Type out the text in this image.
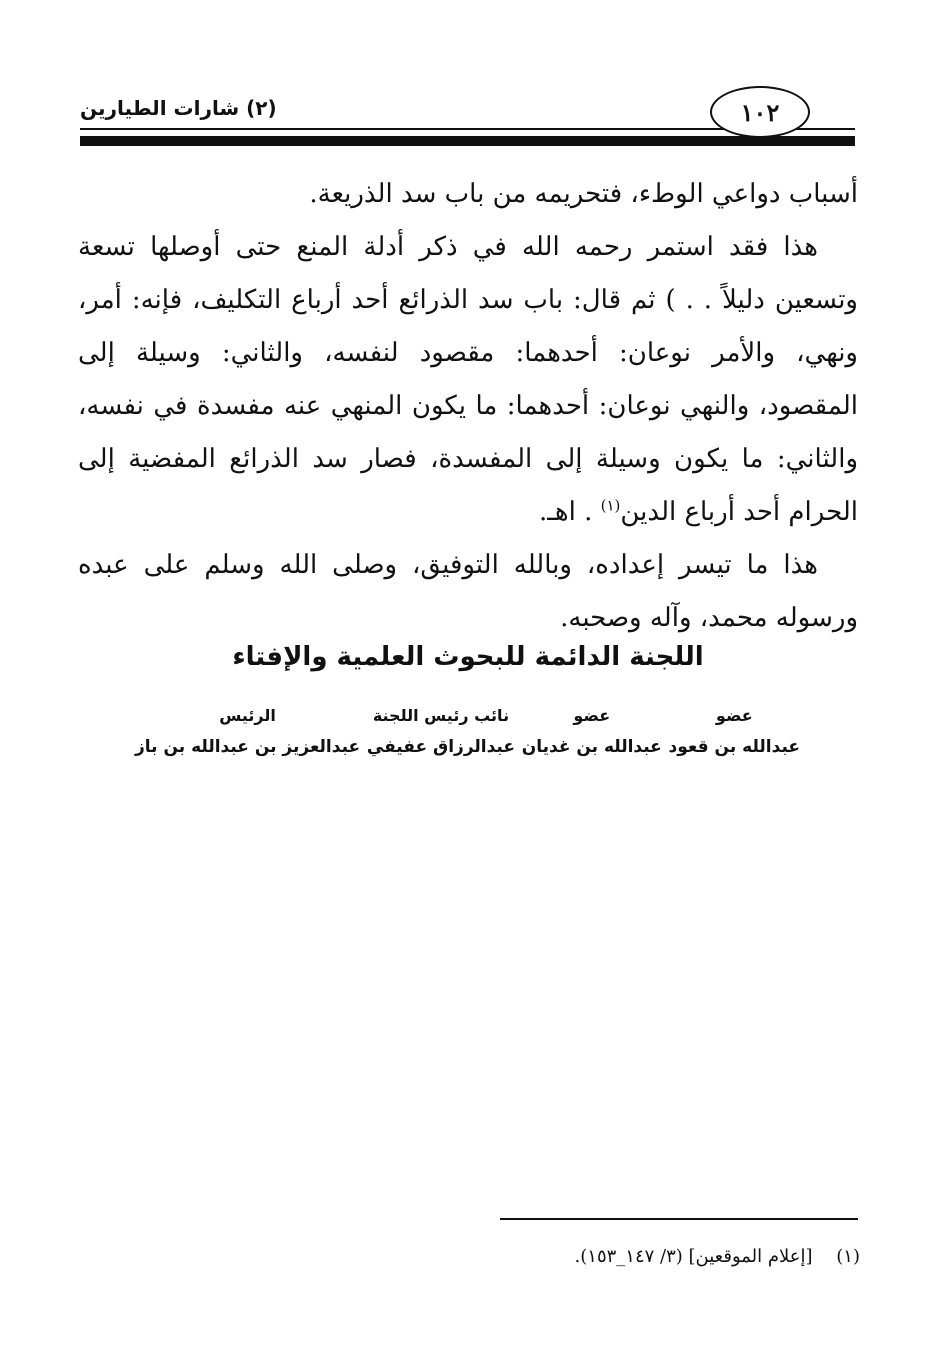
(٢) شارات الطيارين	١٠٢

أسباب دواعي الوطء، فتحريمه من باب سد الذريعة.

هذا فقد استمر رحمه الله في ذكر أدلة المنع حتى أوصلها تسعة وتسعين دليلاً . . ) ثم قال: باب سد الذرائع أحد أرباع التكليف، فإنه: أمر، ونهي، والأمر نوعان: أحدهما: مقصود لنفسه، والثاني: وسيلة إلى المقصود، والنهي نوعان: أحدهما: ما يكون المنهي عنه مفسدة في نفسه، والثاني: ما يكون وسيلة إلى المفسدة، فصار سد الذرائع المفضية إلى الحرام أحد أرباع الدين$^{(١)}$ . اهـ.

هذا ما تيسر إعداده، وبالله التوفيق، وصلى الله وسلم على عبده ورسوله محمد، وآله وصحبه.

اللجنة الدائمة للبحوث العلمية والإفتاء
عضو
عبدالله بن قعود
عضو
عبدالله بن غديان
نائب رئيس اللجنة
عبدالرزاق عفيفي
الرئيس
عبدالعزيز بن عبدالله بن باز
(١) [إعلام الموقعين] (٣/ ١٤٧_١٥٣).
